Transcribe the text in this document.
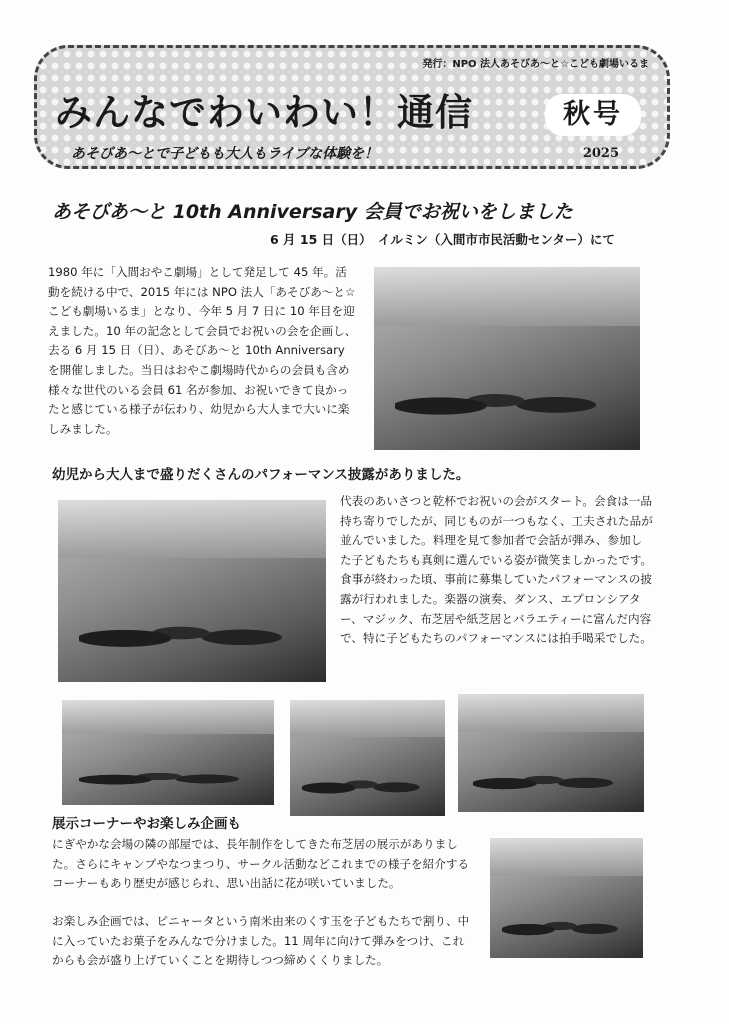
発行：NPO 法人あそびあ～と☆こども劇場いるま
みんなでわいわい！通信	秋号
2025
あそびあ～とで子どもも大人もライブな体験を！
あそびあ～と 10th Anniversary 会員でお祝いをしました
6 月 15 日（日）　イルミン（入間市市民活動センター）にて
1980 年に「入間おやこ劇場」として発足して 45 年。活動を続ける中で、2015 年には NPO 法人「あそびあ～と☆こども劇場いるま」となり、今年 5 月 7 日に 10 年目を迎えました。10 年の記念として会員でお祝いの会を企画し、去る 6 月 15 日（日）、あそびあ～と 10th Anniversary を開催しました。当日はおやこ劇場時代からの会員も含め様々な世代のいる会員 61 名が参加、お祝いできて良かったと感じている様子が伝わり、幼児から大人まで大いに楽しみました。
幼児から大人まで盛りだくさんのパフォーマンス披露がありました。
代表のあいさつと乾杯でお祝いの会がスタート。会食は一品持ち寄りでしたが、同じものが一つもなく、工夫された品が並んでいました。料理を見て参加者で会話が弾み、参加した子どもたちも真剣に選んでいる姿が微笑ましかったです。食事が終わった頃、事前に募集していたパフォーマンスの披露が行われました。楽器の演奏、ダンス、エプロンシアター、マジック、布芝居や紙芝居とバラエティーに富んだ内容で、特に子どもたちのパフォーマンスには拍手喝采でした。
展示コーナーやお楽しみ企画も
にぎやかな会場の隣の部屋では、長年制作をしてきた布芝居の展示がありました。さらにキャンプやなつまつり、サークル活動などこれまでの様子を紹介するコーナーもあり歴史が感じられ、思い出話に花が咲いていました。
お楽しみ企画では、ピニャータという南米由来のくす玉を子どもたちで割り、中に入っていたお菓子をみんなで分けました。11 周年に向けて弾みをつけ、これからも会が盛り上げていくことを期待しつつ締めくくりました。
